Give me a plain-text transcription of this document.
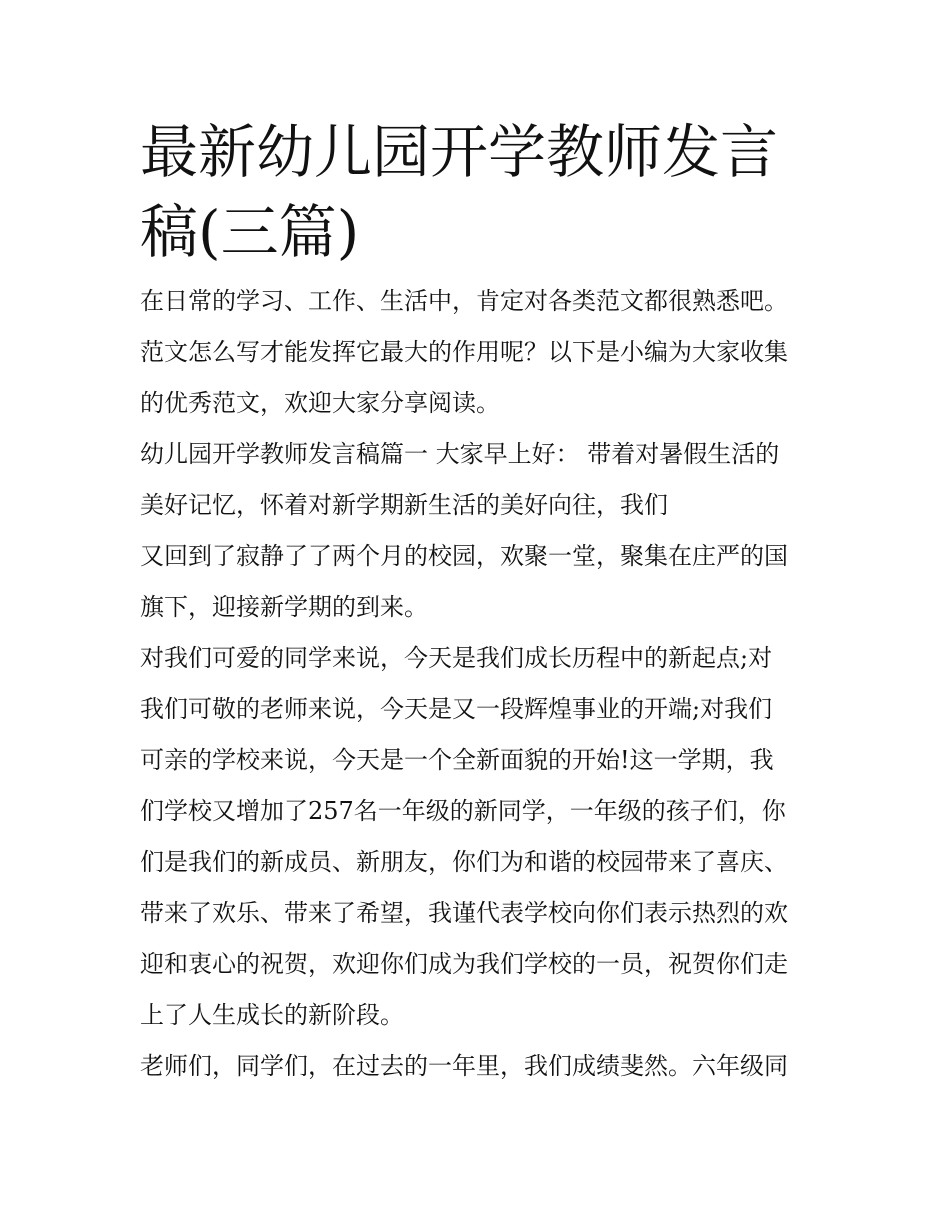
最新幼儿园开学教师发言稿(三篇)
在日常的学习、工作、生活中，肯定对各类范文都很熟悉吧。
范文怎么写才能发挥它最大的作用呢？以下是小编为大家收集
的优秀范文，欢迎大家分享阅读。
幼儿园开学教师发言稿篇一 大家早上好： 带着对暑假生活的
美好记忆，怀着对新学期新生活的美好向往，我们
又回到了寂静了了两个月的校园，欢聚一堂，聚集在庄严的国
旗下，迎接新学期的到来。
对我们可爱的同学来说，今天是我们成长历程中的新起点;对
我们可敬的老师来说，今天是又一段辉煌事业的开端;对我们
可亲的学校来说，今天是一个全新面貌的开始!这一学期，我
们学校又增加了257名一年级的新同学，一年级的孩子们，你
们是我们的新成员、新朋友，你们为和谐的校园带来了喜庆、
带来了欢乐、带来了希望，我谨代表学校向你们表示热烈的欢
迎和衷心的祝贺，欢迎你们成为我们学校的一员，祝贺你们走
上了人生成长的新阶段。
老师们，同学们，在过去的一年里，我们成绩斐然。六年级同
